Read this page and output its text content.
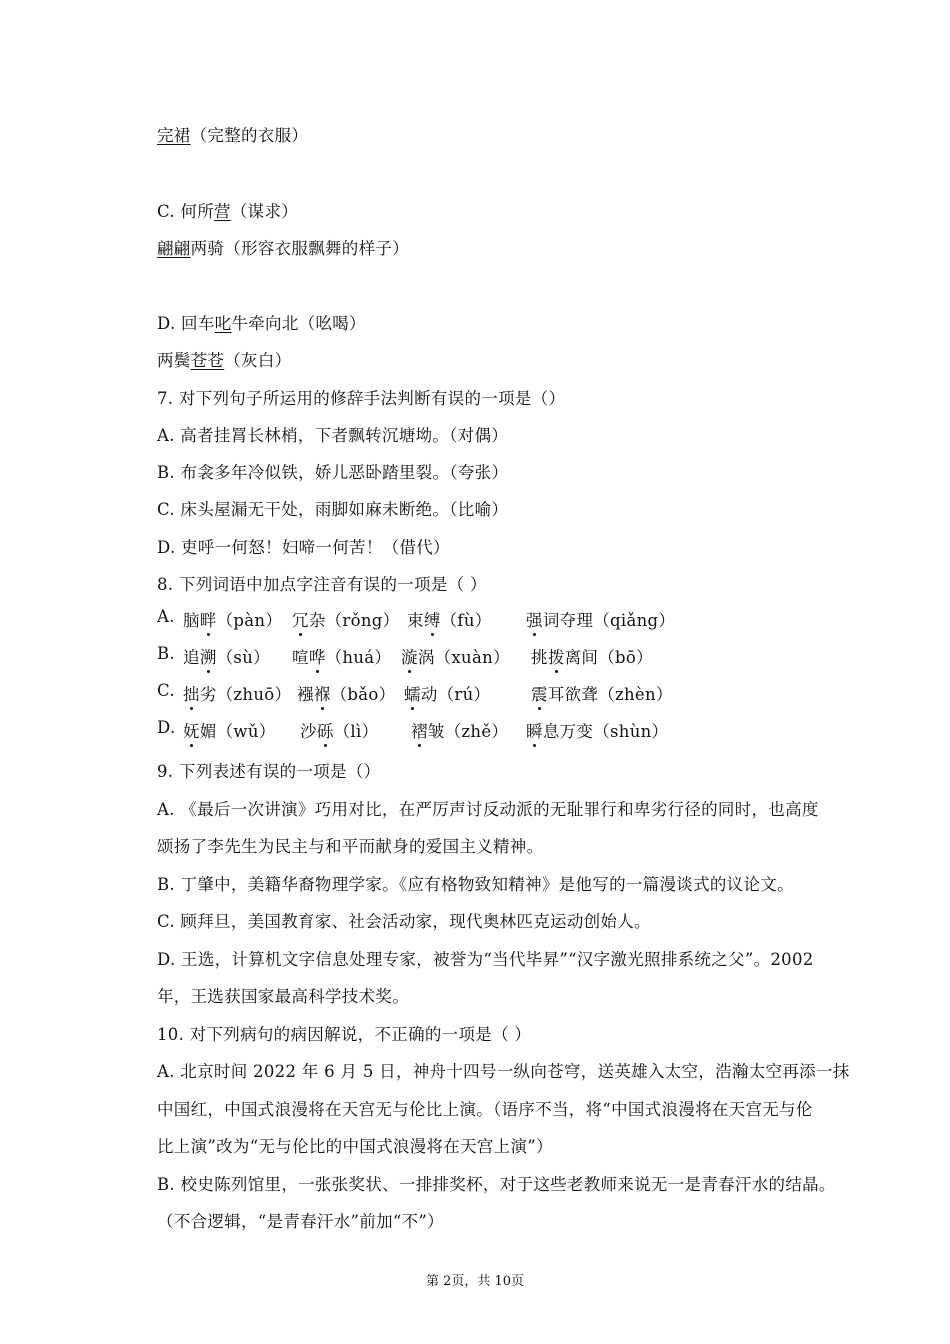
完裙（完整的衣服）
C. 何所营（谋求）
翩翩两骑（形容衣服飘舞的样子）
D. 回车叱牛牵向北（吆喝）
两鬓苍苍（灰白）
7. 对下列句子所运用的修辞手法判断有误的一项是（）
A. 高者挂罥长林梢，下者飘转沉塘坳。（对偶）
B. 布衾多年冷似铁，娇儿恶卧踏里裂。（夸张）
C. 床头屋漏无干处，雨脚如麻未断绝。（比喻）
D. 吏呼一何怒！妇啼一何苦！（借代）
8. 下列词语中加点字注音有误的一项是（ ）
A. 脑畔（pàn） 冗杂（rǒng） 束缚（fù） 强词夺理（qiǎng）
B. 追溯（sù） 喧哗（huá） 漩涡（xuàn） 挑拨离间（bō）
C. 拙劣（zhuō） 襁褓（bǎo） 蠕动（rú） 震耳欲聋（zhèn）
D. 妩媚（wǔ） 沙砾（lì） 褶皱（zhě） 瞬息万变（shùn）
9. 下列表述有误的一项是（）
A. 《最后一次讲演》巧用对比，在严厉声讨反动派的无耻罪行和卑劣行径的同时，也高度
颂扬了李先生为民主与和平而献身的爱国主义精神。
B. 丁肇中，美籍华裔物理学家。《应有格物致知精神》是他写的一篇漫谈式的议论文。
C. 顾拜旦，美国教育家、社会活动家，现代奥林匹克运动创始人。
D. 王选，计算机文字信息处理专家，被誉为“当代毕昇”“汉字激光照排系统之父”。2002
年，王选获国家最高科学技术奖。
10. 对下列病句的病因解说，不正确的一项是（ ）
A. 北京时间 2022 年 6 月 5 日，神舟十四号一纵向苍穹，送英雄入太空，浩瀚太空再添一抹
中国红，中国式浪漫将在天宫无与伦比上演。（语序不当，将“中国式浪漫将在天宫无与伦
比上演”改为“无与伦比的中国式浪漫将在天宫上演”）
B. 校史陈列馆里，一张张奖状、一排排奖杯，对于这些老教师来说无一是青春汗水的结晶。
（不合逻辑，“是青春汗水”前加“不”）
第 2页，共 10页
